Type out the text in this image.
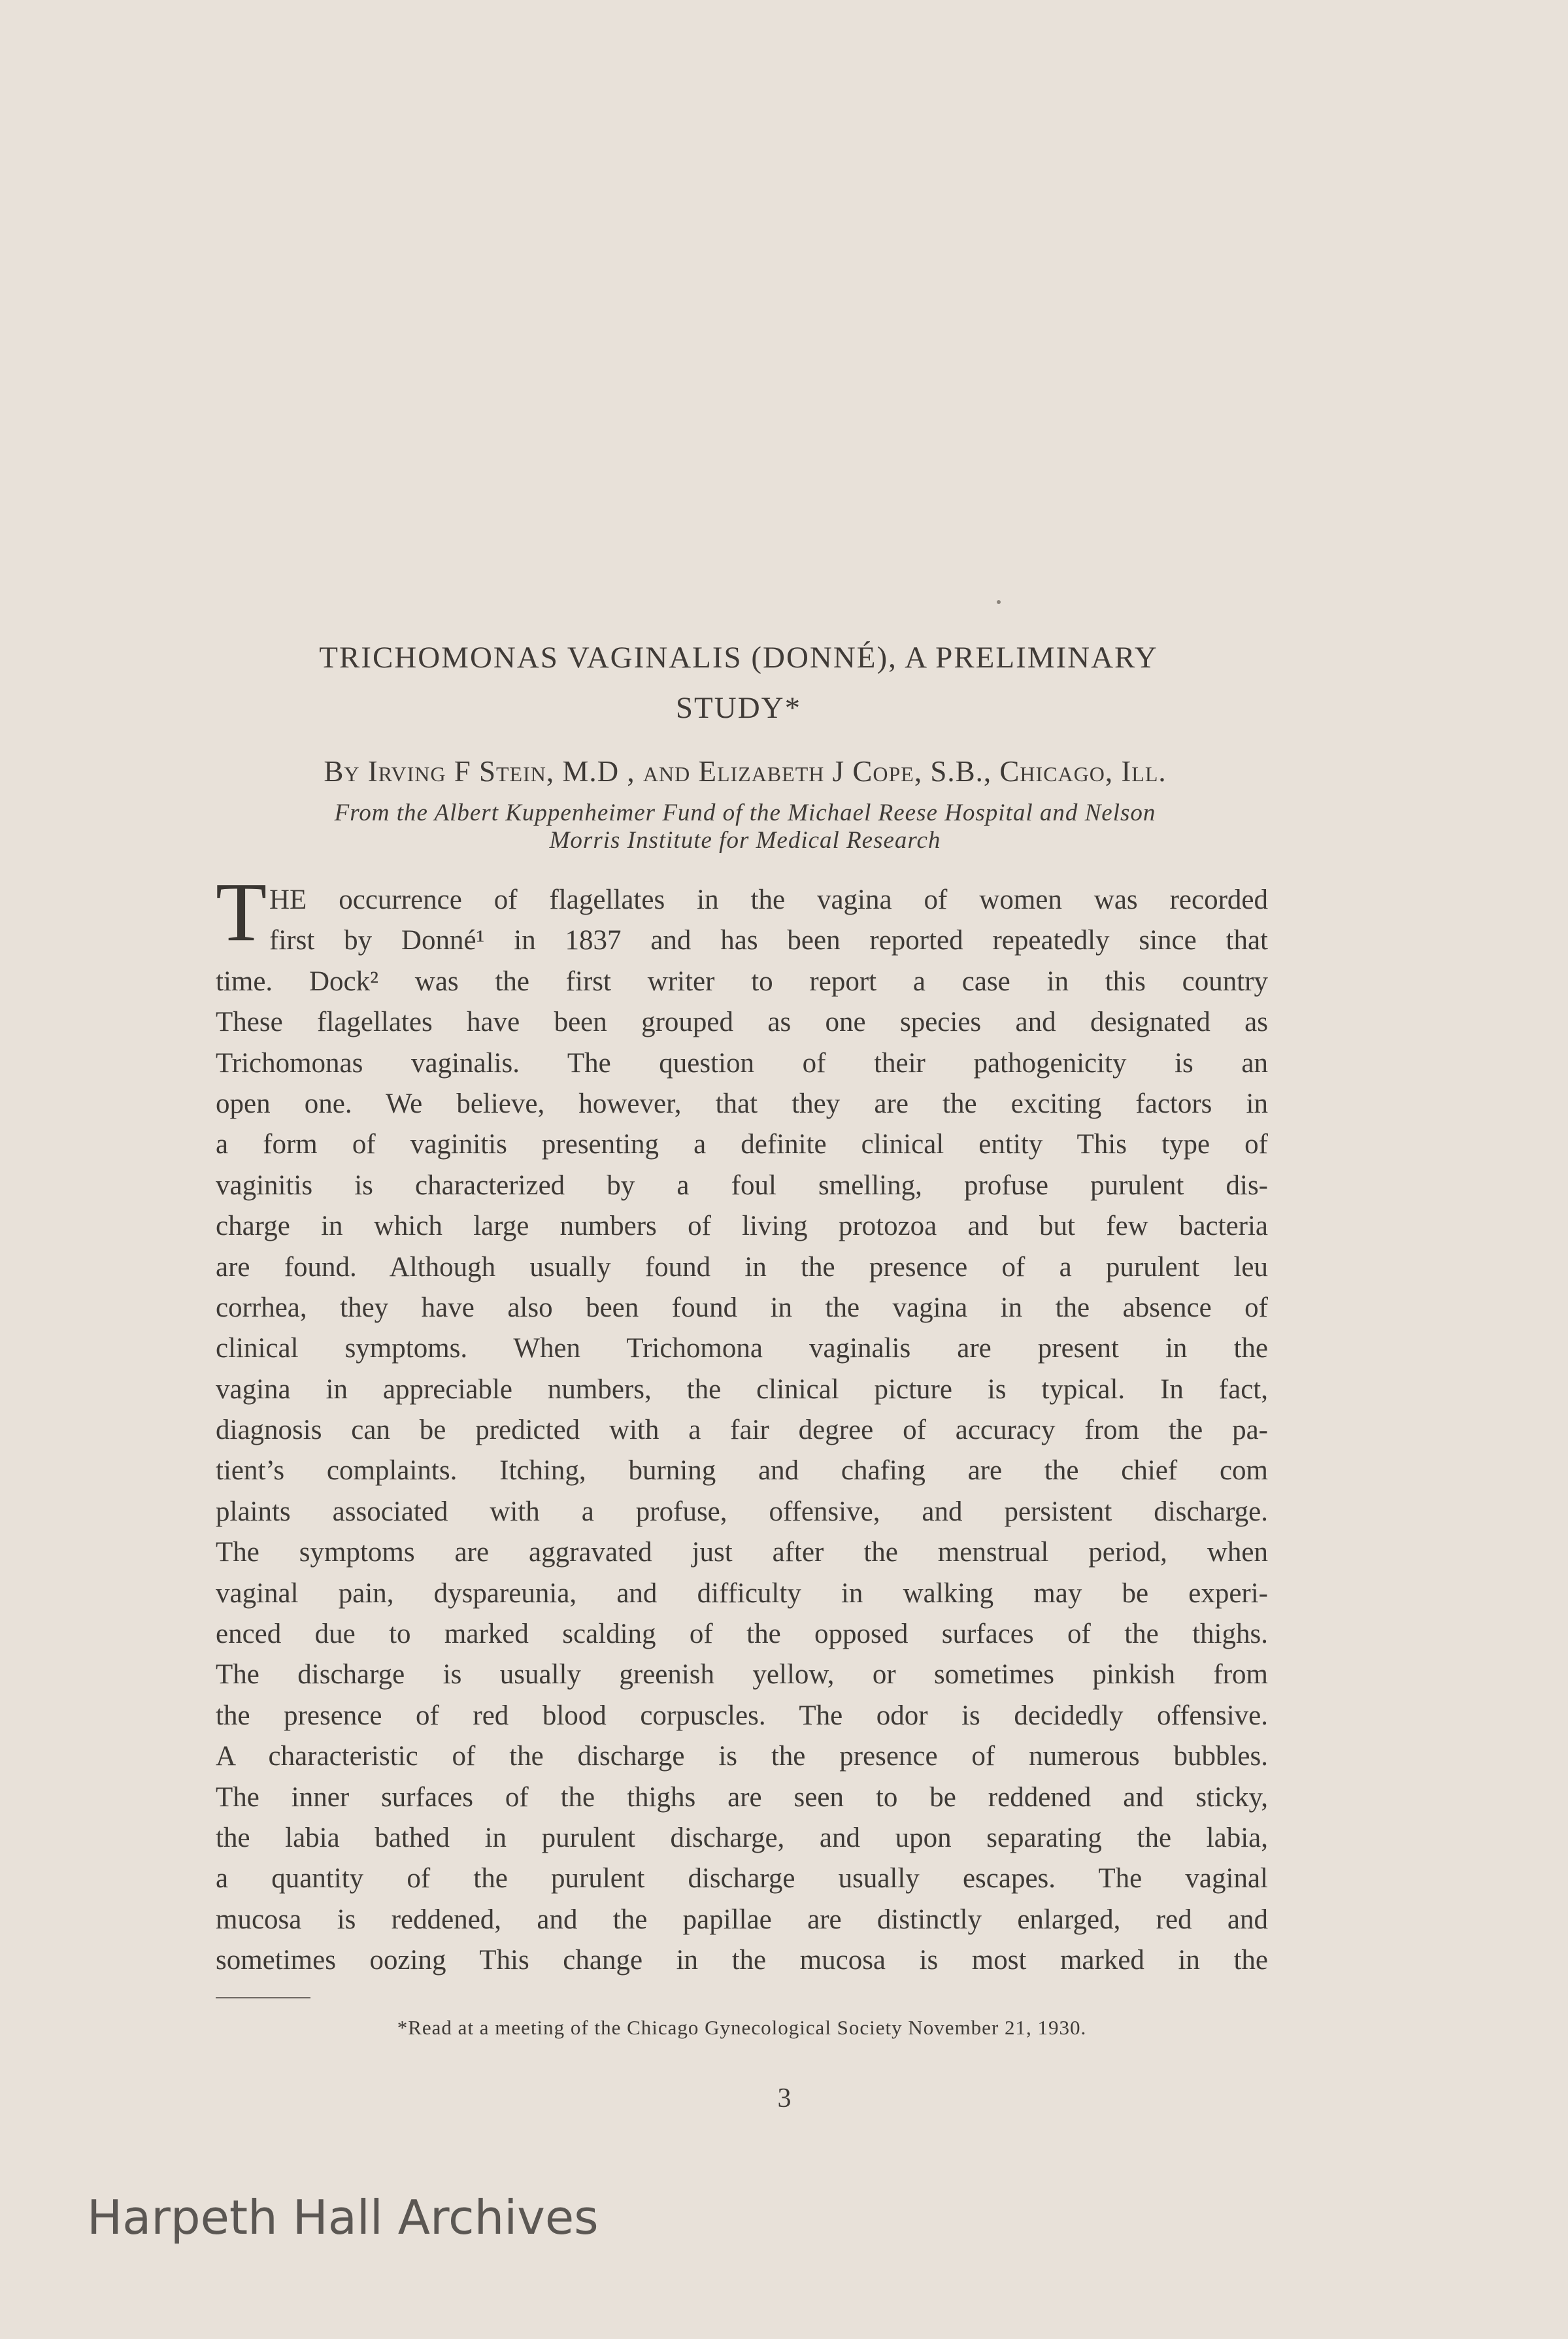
TRICHOMONAS VAGINALIS (DONNÉ), A PRELIMINARY
STUDY*
By Irving F Stein, M.D , and Elizabeth J Cope, S.B., Chicago, Ill.
From the Albert Kuppenheimer Fund of the Michael Reese Hospital and Nelson
Morris Institute for Medical Research
T HE occurrence of flagellates in the vagina of women was recorded
first by Donné¹ in 1837 and has been reported repeatedly since that
time. Dock² was the first writer to report a case in this country
These flagellates have been grouped as one species and designated as
Trichomonas vaginalis. The question of their pathogenicity is an
open one. We believe, however, that they are the exciting factors in
a form of vaginitis presenting a definite clinical entity This type of
vaginitis is characterized by a foul smelling, profuse purulent dis-
charge in which large numbers of living protozoa and but few bacteria
are found. Although usually found in the presence of a purulent leu
corrhea, they have also been found in the vagina in the absence of
clinical symptoms. When Trichomona vaginalis are present in the
vagina in appreciable numbers, the clinical picture is typical. In fact,
diagnosis can be predicted with a fair degree of accuracy from the pa-
tient’s complaints. Itching, burning and chafing are the chief com
plaints associated with a profuse, offensive, and persistent discharge.
The symptoms are aggravated just after the menstrual period, when
vaginal pain, dyspareunia, and difficulty in walking may be experi-
enced due to marked scalding of the opposed surfaces of the thighs.
The discharge is usually greenish yellow, or sometimes pinkish from
the presence of red blood corpuscles. The odor is decidedly offensive.
A characteristic of the discharge is the presence of numerous bubbles.
The inner surfaces of the thighs are seen to be reddened and sticky,
the labia bathed in purulent discharge, and upon separating the labia,
a quantity of the purulent discharge usually escapes. The vaginal
mucosa is reddened, and the papillae are distinctly enlarged, red and
sometimes oozing This change in the mucosa is most marked in the
*Read at a meeting of the Chicago Gynecological Society November 21, 1930.
3
Harpeth Hall Archives
